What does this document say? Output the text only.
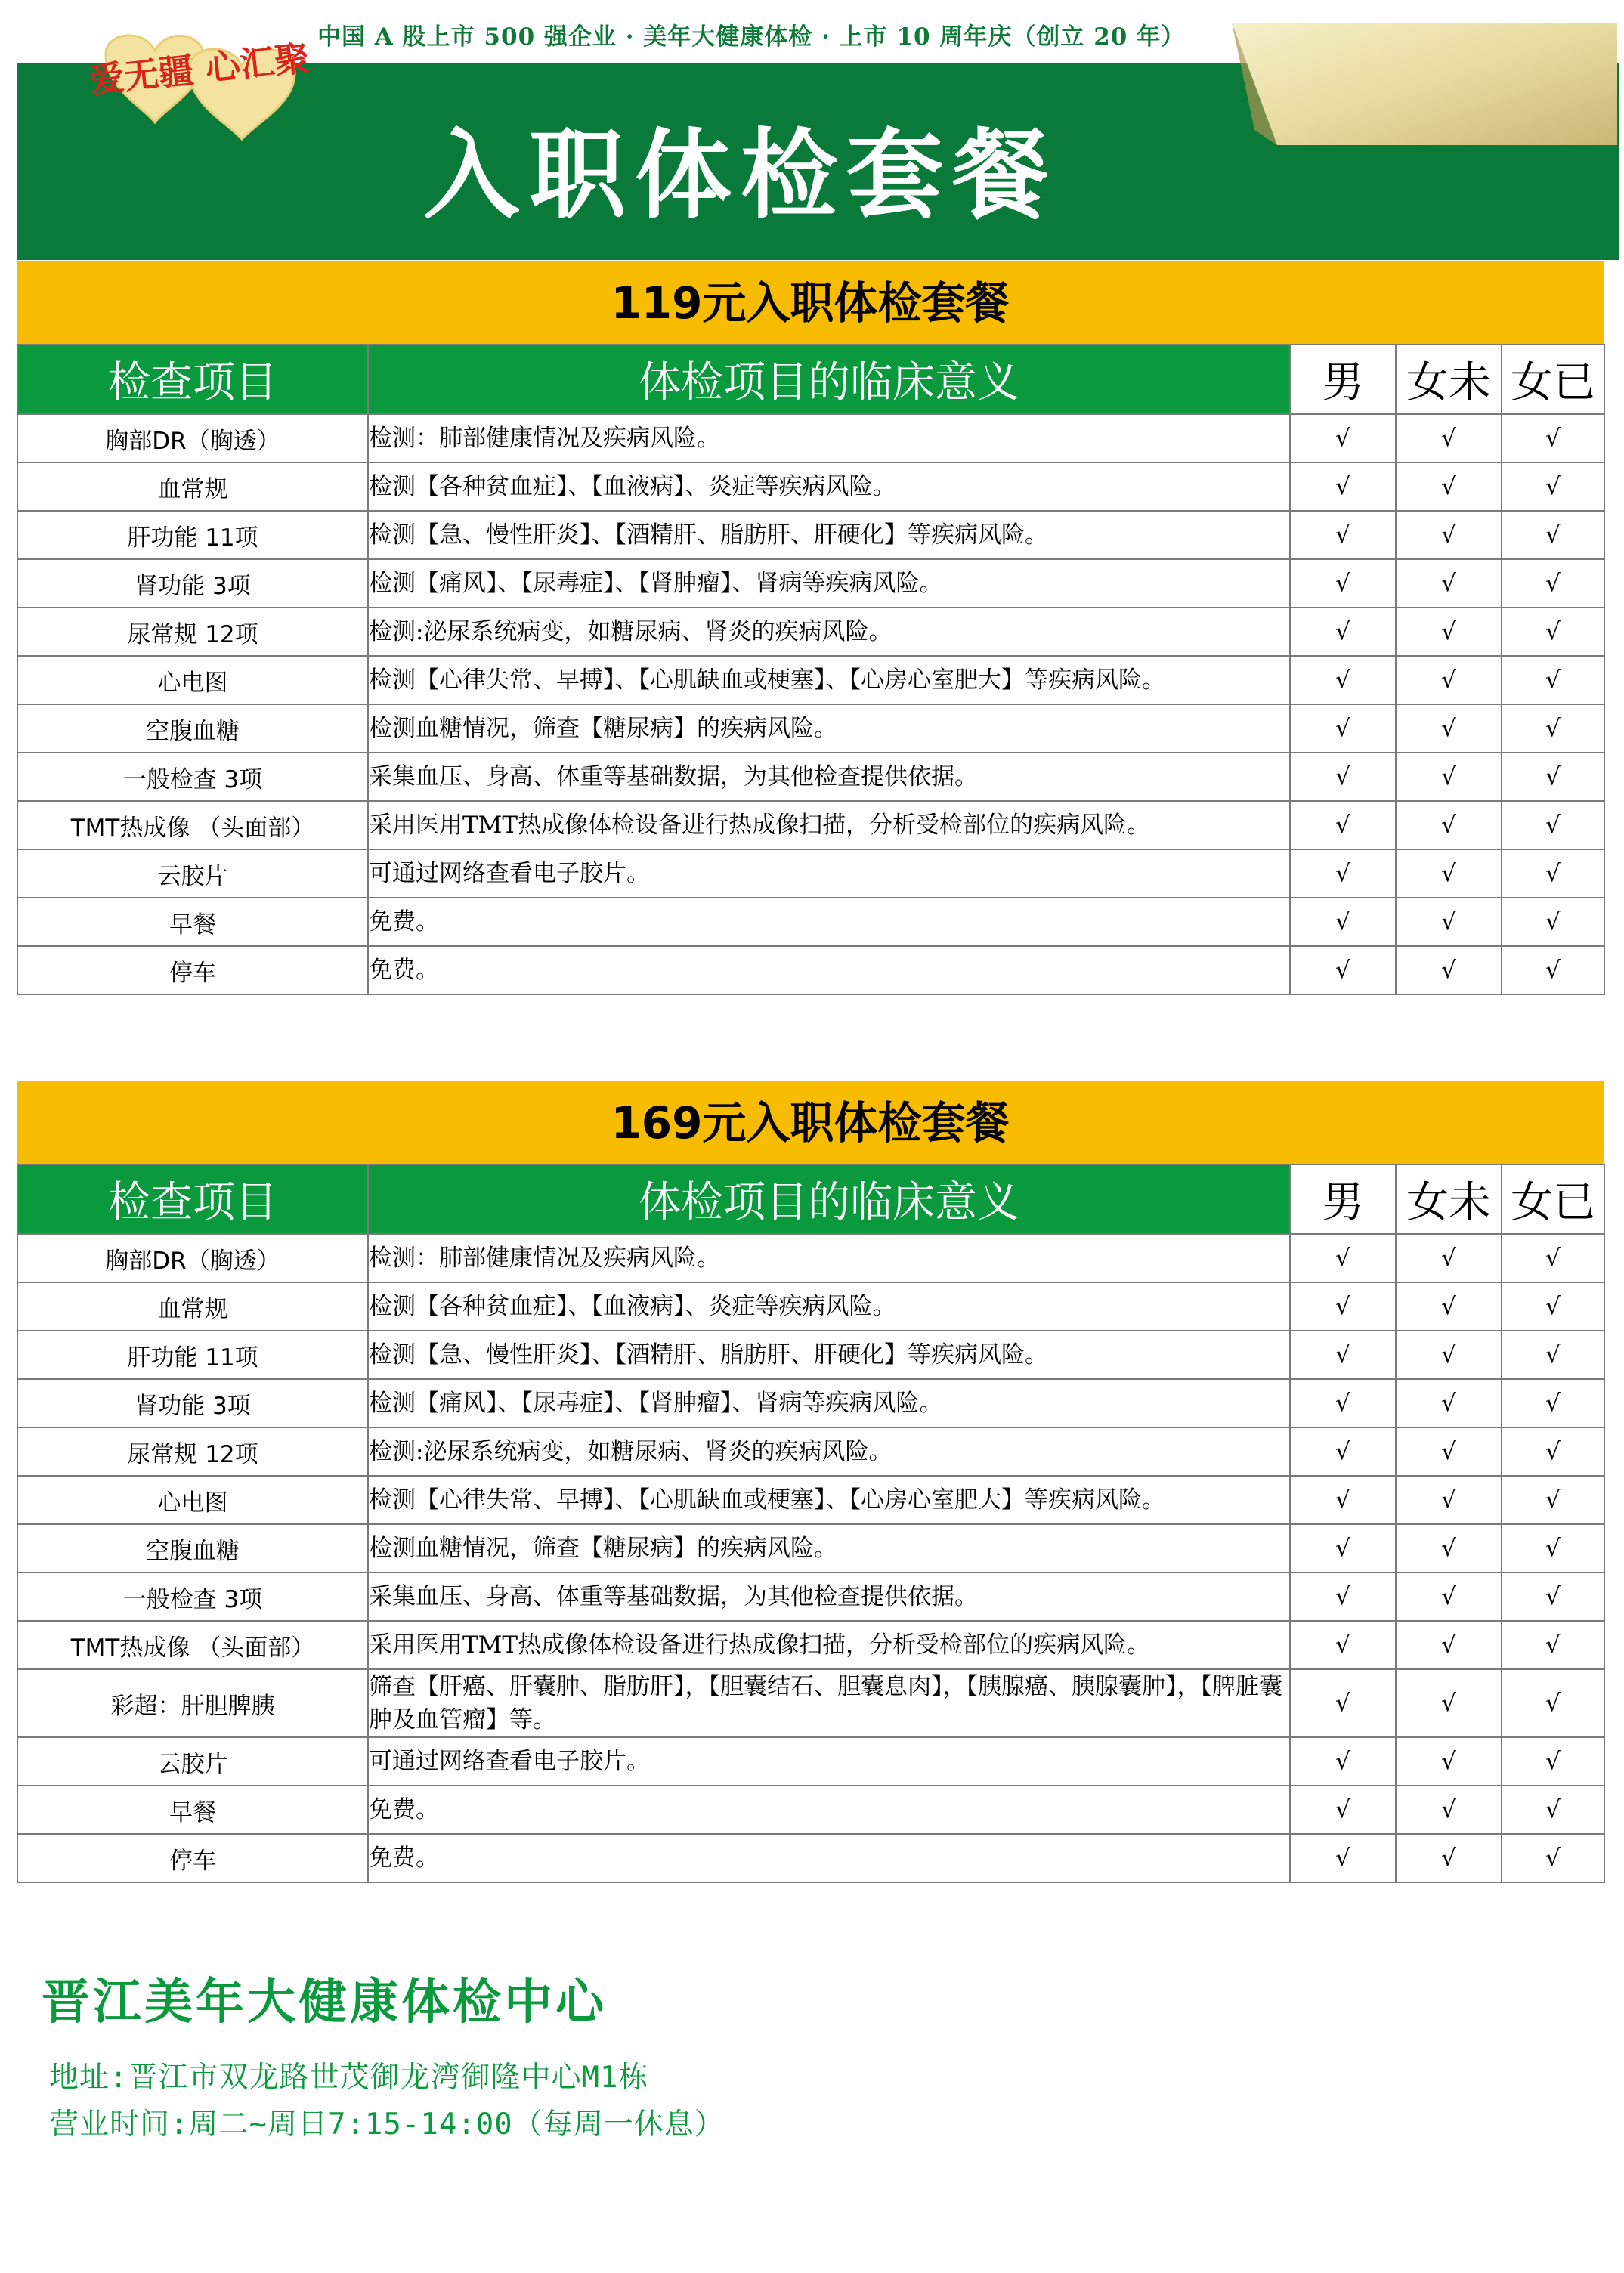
中国 A 股上市 500 强企业 · 美年大健康体检 · 上市 10 周年庆（创立 20 年）
爱无疆 心汇聚
入职体检套餐
119元入职体检套餐
检查项目	体检项目的临床意义	男	女未	女已
胸部DR（胸透）	检测：肺部健康情况及疾病风险。	√	√	√
血常规	检测【各种贫血症】、【血液病】、炎症等疾病风险。	√	√	√
肝功能 11项	检测【急、慢性肝炎】、【酒精肝、脂肪肝、肝硬化】等疾病风险。	√	√	√
肾功能 3项	检测【痛风】、【尿毒症】、【肾肿瘤】、肾病等疾病风险。	√	√	√
尿常规 12项	检测:泌尿系统病变，如糖尿病、肾炎的疾病风险。	√	√	√
心电图	检测【心律失常、早搏】、【心肌缺血或梗塞】、【心房心室肥大】等疾病风险。	√	√	√
空腹血糖	检测血糖情况，筛查【糖尿病】的疾病风险。	√	√	√
一般检查 3项	采集血压、身高、体重等基础数据，为其他检查提供依据。	√	√	√
TMT热成像 （头面部）	采用医用TMT热成像体检设备进行热成像扫描，分析受检部位的疾病风险。	√	√	√
云胶片	可通过网络查看电子胶片。	√	√	√
早餐	免费。	√	√	√
停车	免费。	√	√	√
169元入职体检套餐
检查项目	体检项目的临床意义	男	女未	女已
胸部DR（胸透）	检测：肺部健康情况及疾病风险。	√	√	√
血常规	检测【各种贫血症】、【血液病】、炎症等疾病风险。	√	√	√
肝功能 11项	检测【急、慢性肝炎】、【酒精肝、脂肪肝、肝硬化】等疾病风险。	√	√	√
肾功能 3项	检测【痛风】、【尿毒症】、【肾肿瘤】、肾病等疾病风险。	√	√	√
尿常规 12项	检测:泌尿系统病变，如糖尿病、肾炎的疾病风险。	√	√	√
心电图	检测【心律失常、早搏】、【心肌缺血或梗塞】、【心房心室肥大】等疾病风险。	√	√	√
空腹血糖	检测血糖情况，筛查【糖尿病】的疾病风险。	√	√	√
一般检查 3项	采集血压、身高、体重等基础数据，为其他检查提供依据。	√	√	√
TMT热成像 （头面部）	采用医用TMT热成像体检设备进行热成像扫描，分析受检部位的疾病风险。	√	√	√
彩超：肝胆脾胰	筛查【肝癌、肝囊肿、脂肪肝】，【胆囊结石、胆囊息肉】，【胰腺癌、胰腺囊肿】，【脾脏囊肿及血管瘤】等。	√	√	√
云胶片	可通过网络查看电子胶片。	√	√	√
早餐	免费。	√	√	√
停车	免费。	√	√	√
晋江美年大健康体检中心
地址:晋江市双龙路世茂御龙湾御隆中心M1栋
营业时间:周二~周日7:15-14:00（每周一休息）
